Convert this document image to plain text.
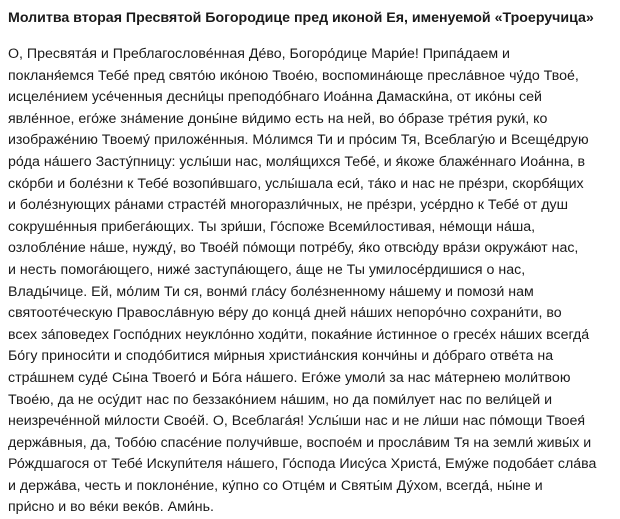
Молитва вторая Пресвятой Богородице пред иконой Ея, именуемой «Троеручица»
О, Пресвята́я и Преблагослове́нная Де́во, Богоро́дице Мари́е! Припа́даем и
покланя́емся Тебе́ пред свято́ю ико́ною Твое́ю, воспомина́юще пресла́вное чу́до Твое́,
исцеле́нием усе́ченныя десни́цы преподо́бнаго Иоа́нна Дамаски́на, от ико́ны сей
явле́нное, его́же зна́мение доны́не ви́димо есть на ней, во о́бразе тре́тия руки́, ко
изображе́нию Твоему́ приложе́нныя. Мо́лимся Ти и про́сим Тя, Всеблагу́ю и Всеще́друю
ро́да на́шего Засту́пницу: услы́ши нас, моля́щихся Тебе́, и я́коже блаже́ннаго Иоа́нна, в
ско́рби и боле́зни к Тебе́ возопи́вшаго, услы́шала еси́, та́ко и нас не пре́зри, скорбя́щих
и боле́знующих ра́нами страсте́й многоразли́чных, не пре́зри, усе́рдно к Тебе́ от душ
сокруше́нныя прибега́ющих. Ты зри́ши, Го́споже Всеми́лостивая, не́мощи на́ша,
озлобле́ние на́ше, нужду́, во Твое́й по́мощи потре́бу, я́ко отвсю́ду вра́зи окружа́ют нас,
и несть помога́ющего, ниже́ заступа́ющего, а́ще не Ты умилосе́рдишися о нас,
Влады́чице. Ей, мо́лим Ти ся, вонми́ гла́су боле́зненному на́шему и помози́ нам
святооте́ческую Правосла́вную ве́ру до конца́ дней на́ших непоро́чно сохрани́ти, во
всех за́поведех Госпо́дних неукло́нно ходи́ти, покая́ние и́стинное о гресе́х на́ших всегда́
Бо́гу приноси́ти и сподо́битися ми́рныя христиа́нския кончи́ны и до́браго отве́та на
стра́шнем суде́ Сы́на Твоего́ и Бо́га на́шего. Его́же умоли́ за нас ма́тернею моли́твою
Твое́ю, да не осу́дит нас по беззако́нием на́шим, но да поми́лует нас по вели́цей и
неизрече́нной ми́лости Свое́й. О, Всеблага́я! Услы́ши нас и не ли́ши нас по́мощи Твоея́
держа́вныя, да, Тобо́ю спасе́ние получи́вше, воспое́м и просла́вим Тя на земли́ живы́х и
Ро́ждшагося от Тебе́ Искупи́теля на́шего, Го́спода Иису́са Христа́, Ему́же подоба́ет сла́ва
и держа́ва, честь и поклоне́ние, ку́пно со Отце́м и Святы́м Ду́хом, всегда́, ны́не и
при́сно и во ве́ки веко́в. Ами́нь.
